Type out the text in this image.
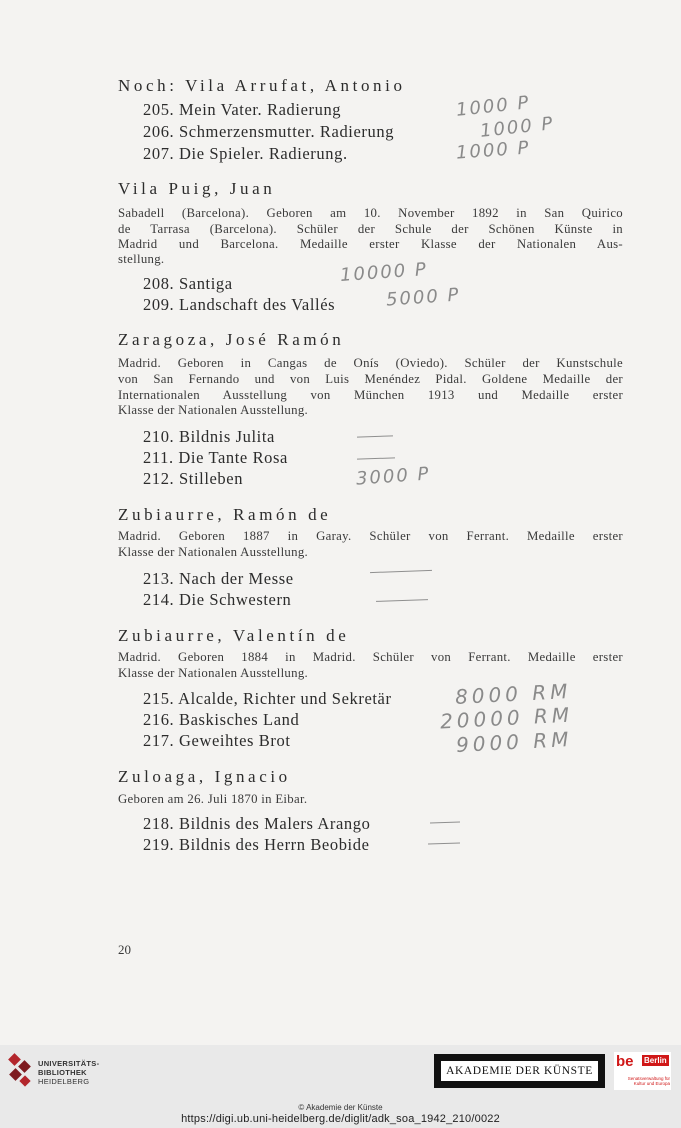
Noch: Vila Arrufat, Antonio
205. Mein Vater. Radierung
206. Schmerzensmutter. Radierung
207. Die Spieler. Radierung.
1000 P
1000 P
1000 P
Vila Puig, Juan
Sabadell (Barcelona). Geboren am 10. November 1892 in San Quirico
de Tarrasa (Barcelona). Schüler der Schule der Schönen Künste in
Madrid und Barcelona. Medaille erster Klasse der Nationalen Aus-
stellung.
208. Santiga
209. Landschaft des Vallés
10000 P
5000 P
Zaragoza, José Ramón
Madrid. Geboren in Cangas de Onís (Oviedo). Schüler der Kunstschule
von San Fernando und von Luis Menéndez Pidal. Goldene Medaille der
Internationalen Ausstellung von München 1913 und Medaille erster
Klasse der Nationalen Ausstellung.
210. Bildnis Julita
211. Die Tante Rosa
212. Stilleben	3000 P
Zubiaurre, Ramón de
Madrid. Geboren 1887 in Garay. Schüler von Ferrant. Medaille erster
Klasse der Nationalen Ausstellung.
213. Nach der Messe
214. Die Schwestern
Zubiaurre, Valentín de
Madrid. Geboren 1884 in Madrid. Schüler von Ferrant. Medaille erster
Klasse der Nationalen Ausstellung.
215. Alcalde, Richter und Sekretär
216. Baskisches Land
217. Geweihtes Brot
8000 RM
20000 RM
9000 RM
Zuloaga, Ignacio
Geboren am 26. Juli 1870 in Eibar.
218. Bildnis des Malers Arango
219. Bildnis des Herrn Beobide
20
UNIVERSITÄTS-
BIBLIOTHEK
HEIDELBERG
AKADEMIE DER KÜNSTE
be Berlin
Senatsverwaltung für Kultur und Europa
© Akademie der Künste
https://digi.ub.uni-heidelberg.de/diglit/adk_soa_1942_210/0022
